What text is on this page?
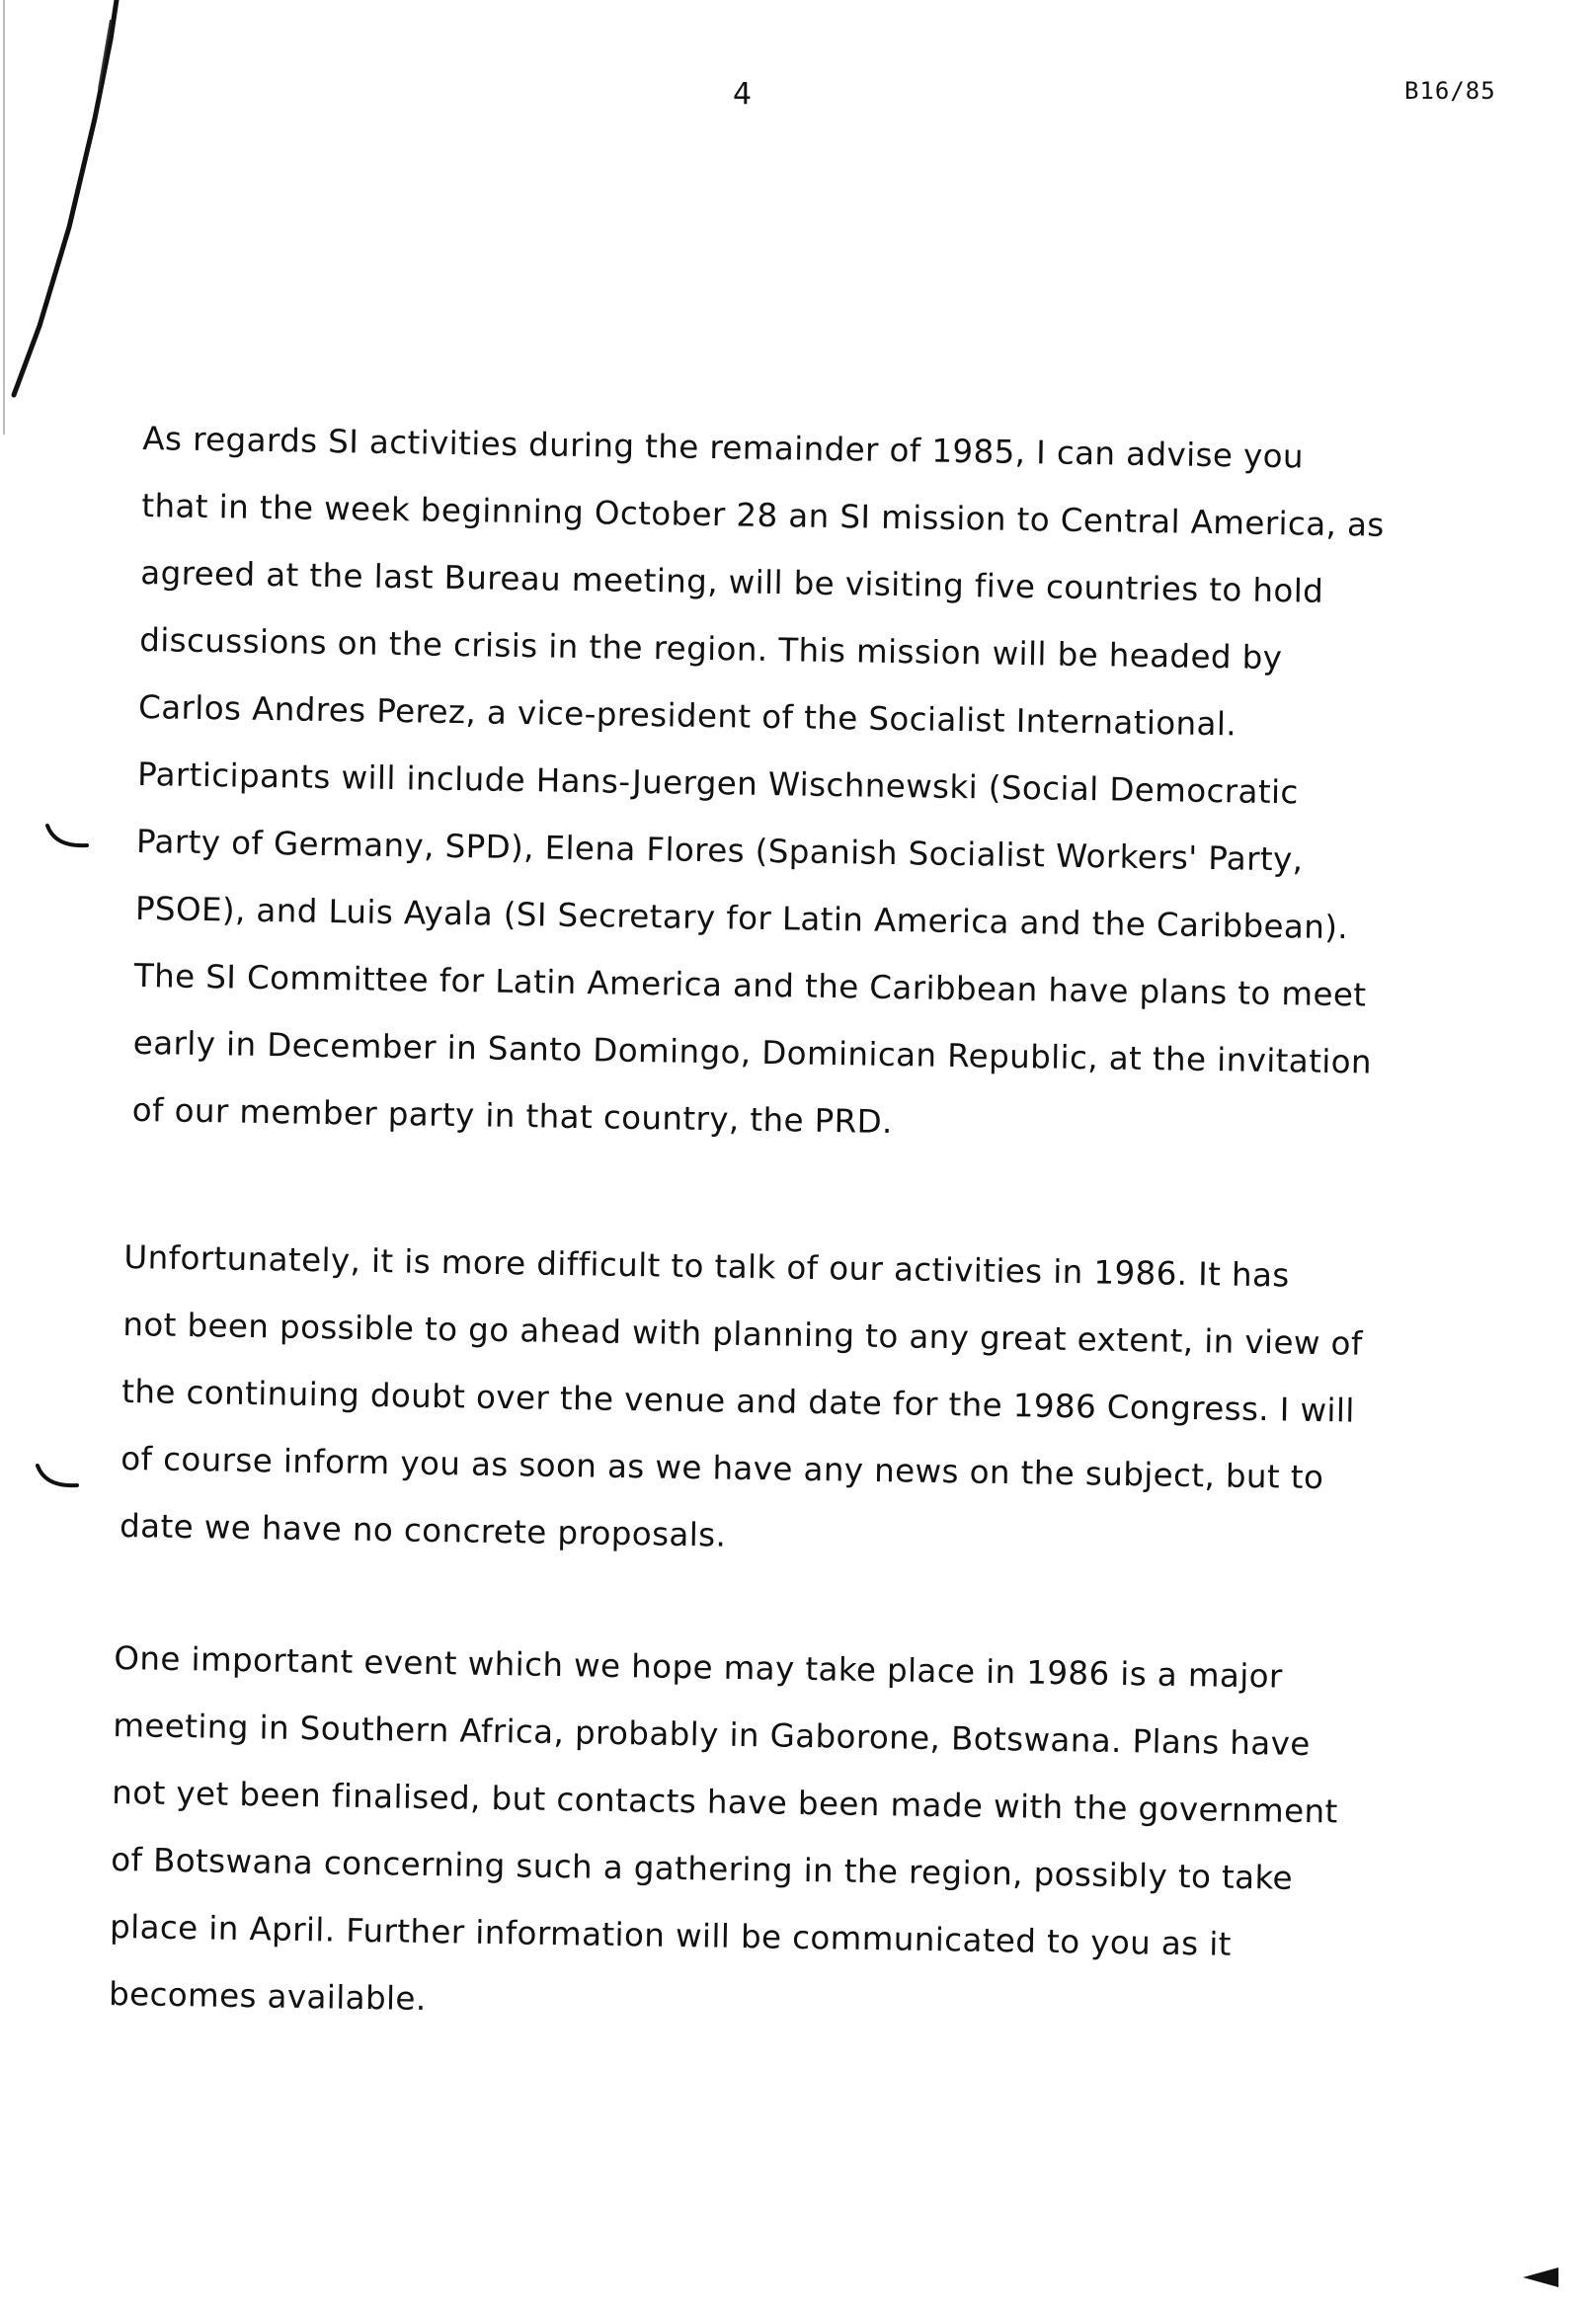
4	B16/85

As regards SI activities during the remainder of 1985, I can advise you
that in the week beginning October 28 an SI mission to Central America, as
agreed at the last Bureau meeting, will be visiting five countries to hold
discussions on the crisis in the region. This mission will be headed by
Carlos Andres Perez, a vice-president of the Socialist International.
Participants will include Hans-Juergen Wischnewski (Social Democratic
Party of Germany, SPD), Elena Flores (Spanish Socialist Workers' Party,
PSOE), and Luis Ayala (SI Secretary for Latin America and the Caribbean).
The SI Committee for Latin America and the Caribbean have plans to meet
early in December in Santo Domingo, Dominican Republic, at the invitation
of our member party in that country, the PRD.

Unfortunately, it is more difficult to talk of our activities in 1986. It has
not been possible to go ahead with planning to any great extent, in view of
the continuing doubt over the venue and date for the 1986 Congress. I will
of course inform you as soon as we have any news on the subject, but to
date we have no concrete proposals.

One important event which we hope may take place in 1986 is a major
meeting in Southern Africa, probably in Gaborone, Botswana. Plans have
not yet been finalised, but contacts have been made with the government
of Botswana concerning such a gathering in the region, possibly to take
place in April. Further information will be communicated to you as it
becomes available.
